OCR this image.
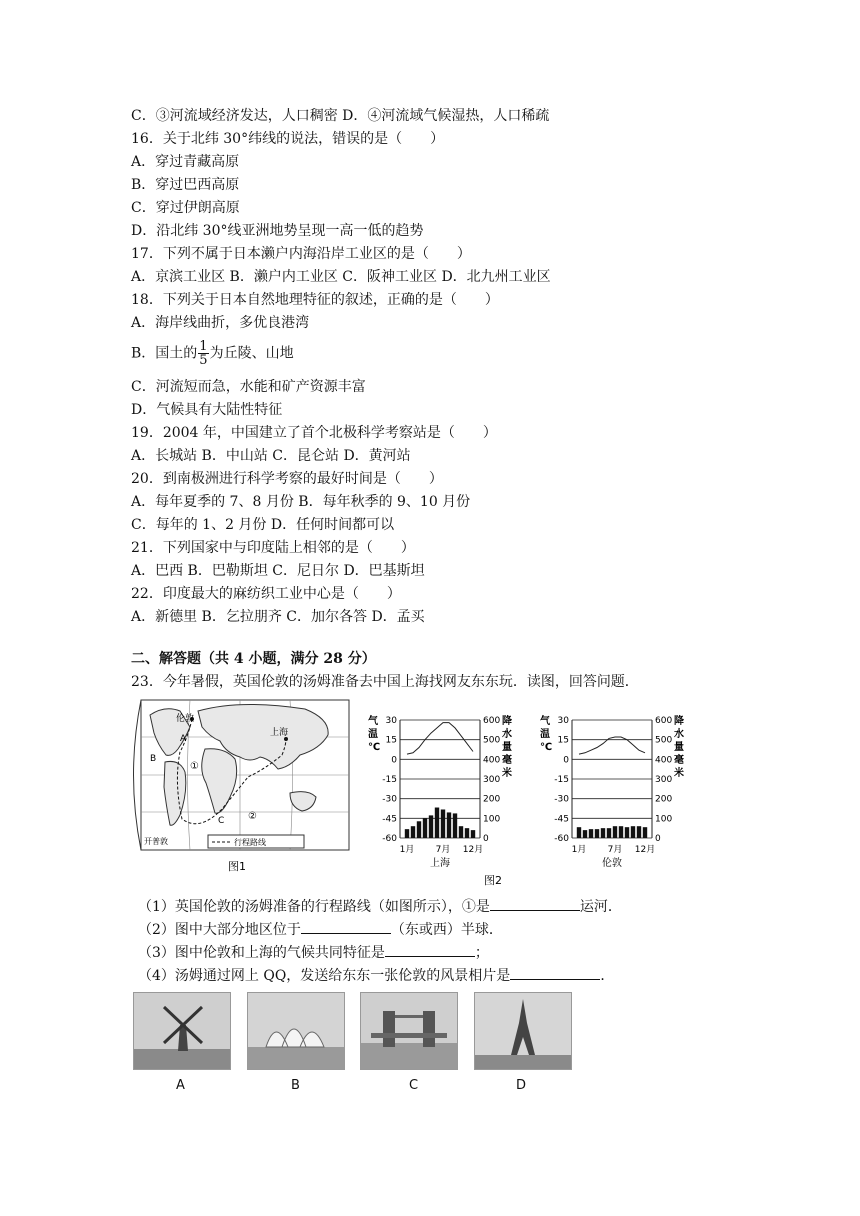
C．③河流域经济发达，人口稠密 D．④河流域气候湿热，人口稀疏
16．关于北纬 30°纬线的说法，错误的是（　　）
A．穿过青藏高原
B．穿过巴西高原
C．穿过伊朗高原
D．沿北纬 30°线亚洲地势呈现一高一低的趋势
17．下列不属于日本濑户内海沿岸工业区的是（　　）
A．京滨工业区 B．濑户内工业区 C．阪神工业区 D．北九州工业区
18．下列关于日本自然地理特征的叙述，正确的是（　　）
A．海岸线曲折，多优良港湾
B．国土的 $\frac{1}{5}$ 为丘陵、山地
C．河流短而急，水能和矿产资源丰富
D．气候具有大陆性特征
19．2004 年，中国建立了首个北极科学考察站是（　　）
A．长城站 B．中山站 C．昆仑站 D．黄河站
20．到南极洲进行科学考察的最好时间是（　　）
A．每年夏季的 7、8 月份 B．每年秋季的 9、10 月份
C．每年的 1、2 月份 D．任何时间都可以
21．下列国家中与印度陆上相邻的是（　　）
A．巴西 B．巴勒斯坦 C．尼日尔 D．巴基斯坦
22．印度最大的麻纺织工业中心是（　　）
A．新德里 B．乞拉朋齐 C．加尔各答 D．孟买
二、解答题（共 4 小题，满分 28 分）
23．今年暑假，英国伦敦的汤姆准备去中国上海找网友东东玩．读图，回答问题．
伦敦
上海
A
B
C
①
②
开普敦	行程路线
图1
图2
气
温
℃
降
水
量
毫
米
30	600
15	500
0	400
-15	300
-30	200
-45	100
-60	0
1月 7月 12月
上海
气
温
℃
降
水
量
毫
米
30	600
15	500
0	400
-15	300
-30	200
-45	100
-60	0
1月 7月 12月
伦敦
（1）英国伦敦的汤姆准备的行程路线（如图所示），①是	运河．
（2）图中大部分地区位于	（东或西）半球．
（3）图中伦敦和上海的气候共同特征是	；
（4）汤姆通过网上 QQ，发送给东东一张伦敦的风景相片是	．
A	B	C	D
